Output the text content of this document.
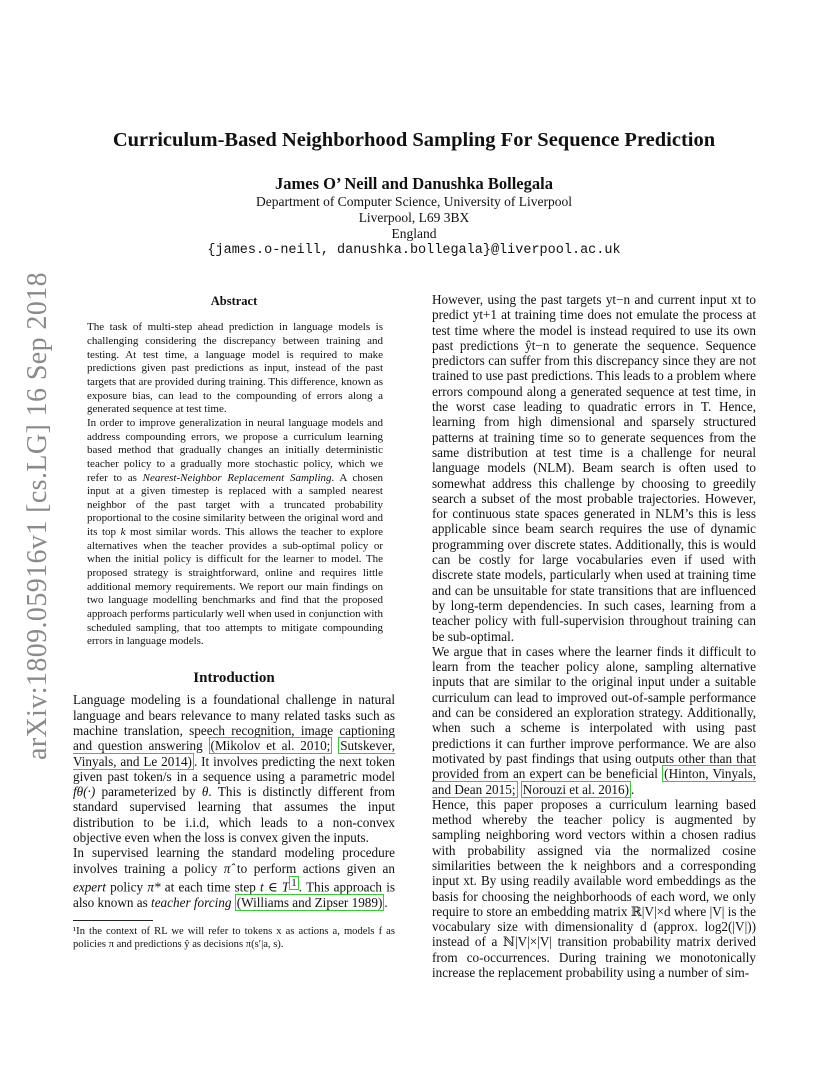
arXiv:1809.05916v1 [cs.LG] 16 Sep 2018
Curriculum-Based Neighborhood Sampling For Sequence Prediction
James O’ Neill and Danushka Bollegala
Department of Computer Science, University of Liverpool
Liverpool, L69 3BX
England
{james.o-neill, danushka.bollegala}@liverpool.ac.uk
Abstract

The task of multi-step ahead prediction in language models is challenging considering the discrepancy between training and testing. At test time, a language model is required to make predictions given past predictions as input, instead of the past targets that are provided during training. This difference, known as exposure bias, can lead to the compounding of errors along a generated sequence at test time.

In order to improve generalization in neural language models and address compounding errors, we propose a curriculum learning based method that gradually changes an initially deterministic teacher policy to a gradually more stochastic policy, which we refer to as Nearest-Neighbor Replacement Sampling. A chosen input at a given timestep is replaced with a sampled nearest neighbor of the past target with a truncated probability proportional to the cosine similarity between the original word and its top k most similar words. This allows the teacher to explore alternatives when the teacher provides a sub-optimal policy or when the initial policy is difficult for the learner to model. The proposed strategy is straightforward, online and requires little additional memory requirements. We report our main findings on two language modelling benchmarks and find that the proposed approach performs particularly well when used in conjunction with scheduled sampling, that too attempts to mitigate compounding errors in language models.

Introduction

Language modeling is a foundational challenge in natural language and bears relevance to many related tasks such as machine translation, speech recognition, image captioning and question answering (Mikolov et al. 2010; Sutskever, Vinyals, and Le 2014) . It involves predicting the next token given past token/s in a sequence using a parametric model fθ(·) parameterized by θ. This is distinctly different from standard supervised learning that assumes the input distribution to be i.i.d, which leads to a non-convex objective even when the loss is convex given the inputs.

In supervised learning the standard modeling procedure involves training a policy π̂ to perform actions given an expert policy π* at each time step t ∈ T $^1$ . This approach is also known as teacher forcing (Williams and Zipser 1989) .

¹In the context of RL we will refer to tokens x as actions a, models f as policies π and predictions ŷ as decisions π(s′|a, s).

However, using the past targets yt−n and current input xt to predict yt+1 at training time does not emulate the process at test time where the model is instead required to use its own past predictions ŷt−n to generate the sequence. Sequence predictors can suffer from this discrepancy since they are not trained to use past predictions. This leads to a problem where errors compound along a generated sequence at test time, in the worst case leading to quadratic errors in T. Hence, learning from high dimensional and sparsely structured patterns at training time so to generate sequences from the same distribution at test time is a challenge for neural language models (NLM). Beam search is often used to somewhat address this challenge by choosing to greedily search a subset of the most probable trajectories. However, for continuous state spaces generated in NLM’s this is less applicable since beam search requires the use of dynamic programming over discrete states. Additionally, this is would can be costly for large vocabularies even if used with discrete state models, particularly when used at training time and can be unsuitable for state transitions that are influenced by long-term dependencies. In such cases, learning from a teacher policy with full-supervision throughout training can be sub-optimal.

We argue that in cases where the learner finds it difficult to learn from the teacher policy alone, sampling alternative inputs that are similar to the original input under a suitable curriculum can lead to improved out-of-sample performance and can be considered an exploration strategy. Additionally, when such a scheme is interpolated with using past predictions it can further improve performance. We are also motivated by past findings that using outputs other than that provided from an expert can be beneficial (Hinton, Vinyals, and Dean 2015; Norouzi et al. 2016) .

Hence, this paper proposes a curriculum learning based method whereby the teacher policy is augmented by sampling neighboring word vectors within a chosen radius with probability assigned via the normalized cosine similarities between the k neighbors and a corresponding input xt. By using readily available word embeddings as the basis for choosing the neighborhoods of each word, we only require to store an embedding matrix ℝ|V|×d where |V| is the vocabulary size with dimensionality d (approx. log2(|V|)) instead of a ℕ|V|×|V| transition probability matrix derived from co-occurrences. During training we monotonically increase the replacement probability using a number of sim-
